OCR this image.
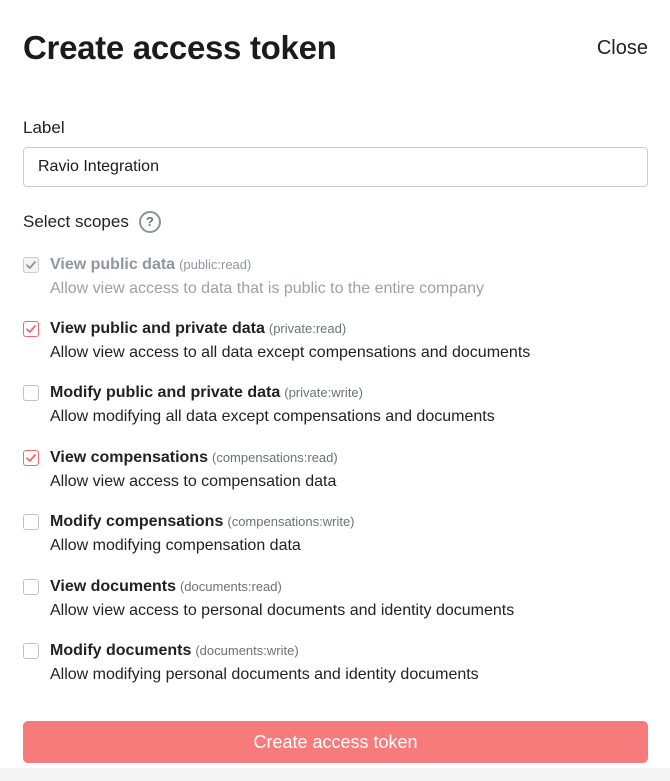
Create access token	Close
Label
Ravio Integration
Select scopes	?
View public data (public:read)
Allow view access to data that is public to the entire company
View public and private data (private:read)
Allow view access to all data except compensations and documents
Modify public and private data (private:write)
Allow modifying all data except compensations and documents
View compensations (compensations:read)
Allow view access to compensation data
Modify compensations (compensations:write)
Allow modifying compensation data
View documents (documents:read)
Allow view access to personal documents and identity documents
Modify documents (documents:write)
Allow modifying personal documents and identity documents
Create access token
